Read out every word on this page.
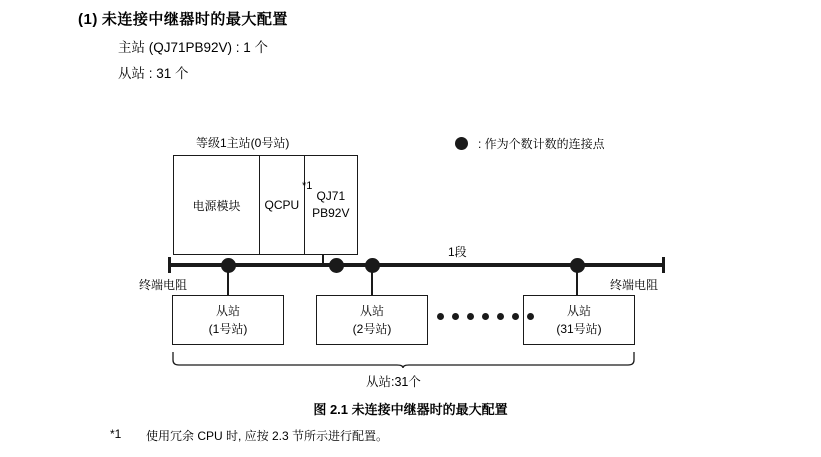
(1) 未连接中继器时的最大配置
主站 (QJ71PB92V) : 1 个
从站 : 31 个
: 作为个数计数的连接点
等级1主站(0号站)
电源模块	QCPU
QJ71
PB92V
*1
终端电阻	终端电阻
1段
从站
(1号站)
从站
(2号站)
从站
(31号站)
从站:31个
图 2.1 未连接中继器时的最大配置
*1	使用冗余 CPU 时, 应按 2.3 节所示进行配置。
